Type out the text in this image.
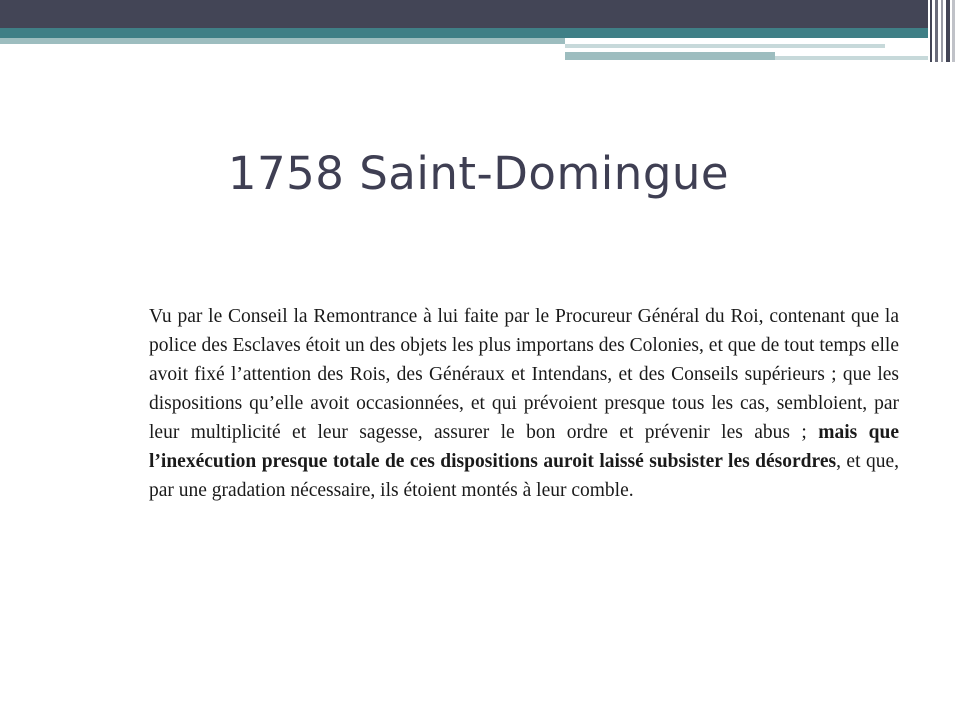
1758 Saint-Domingue

Vu par le Conseil la Remontrance à lui faite par le Procureur Général du Roi, contenant que la police des Esclaves étoit un des objets les plus importans des Colonies, et que de tout temps elle avoit fixé l’attention des Rois, des Généraux et Intendans, et des Conseils supérieurs ; que les dispositions qu’elle avoit occasionnées, et qui prévoient presque tous les cas, sembloient, par leur multiplicité et leur sagesse, assurer le bon ordre et prévenir les abus ; mais que l’inexécution presque totale de ces dispositions auroit laissé subsister les désordres, et que, par une gradation nécessaire, ils étoient montés à leur comble.
